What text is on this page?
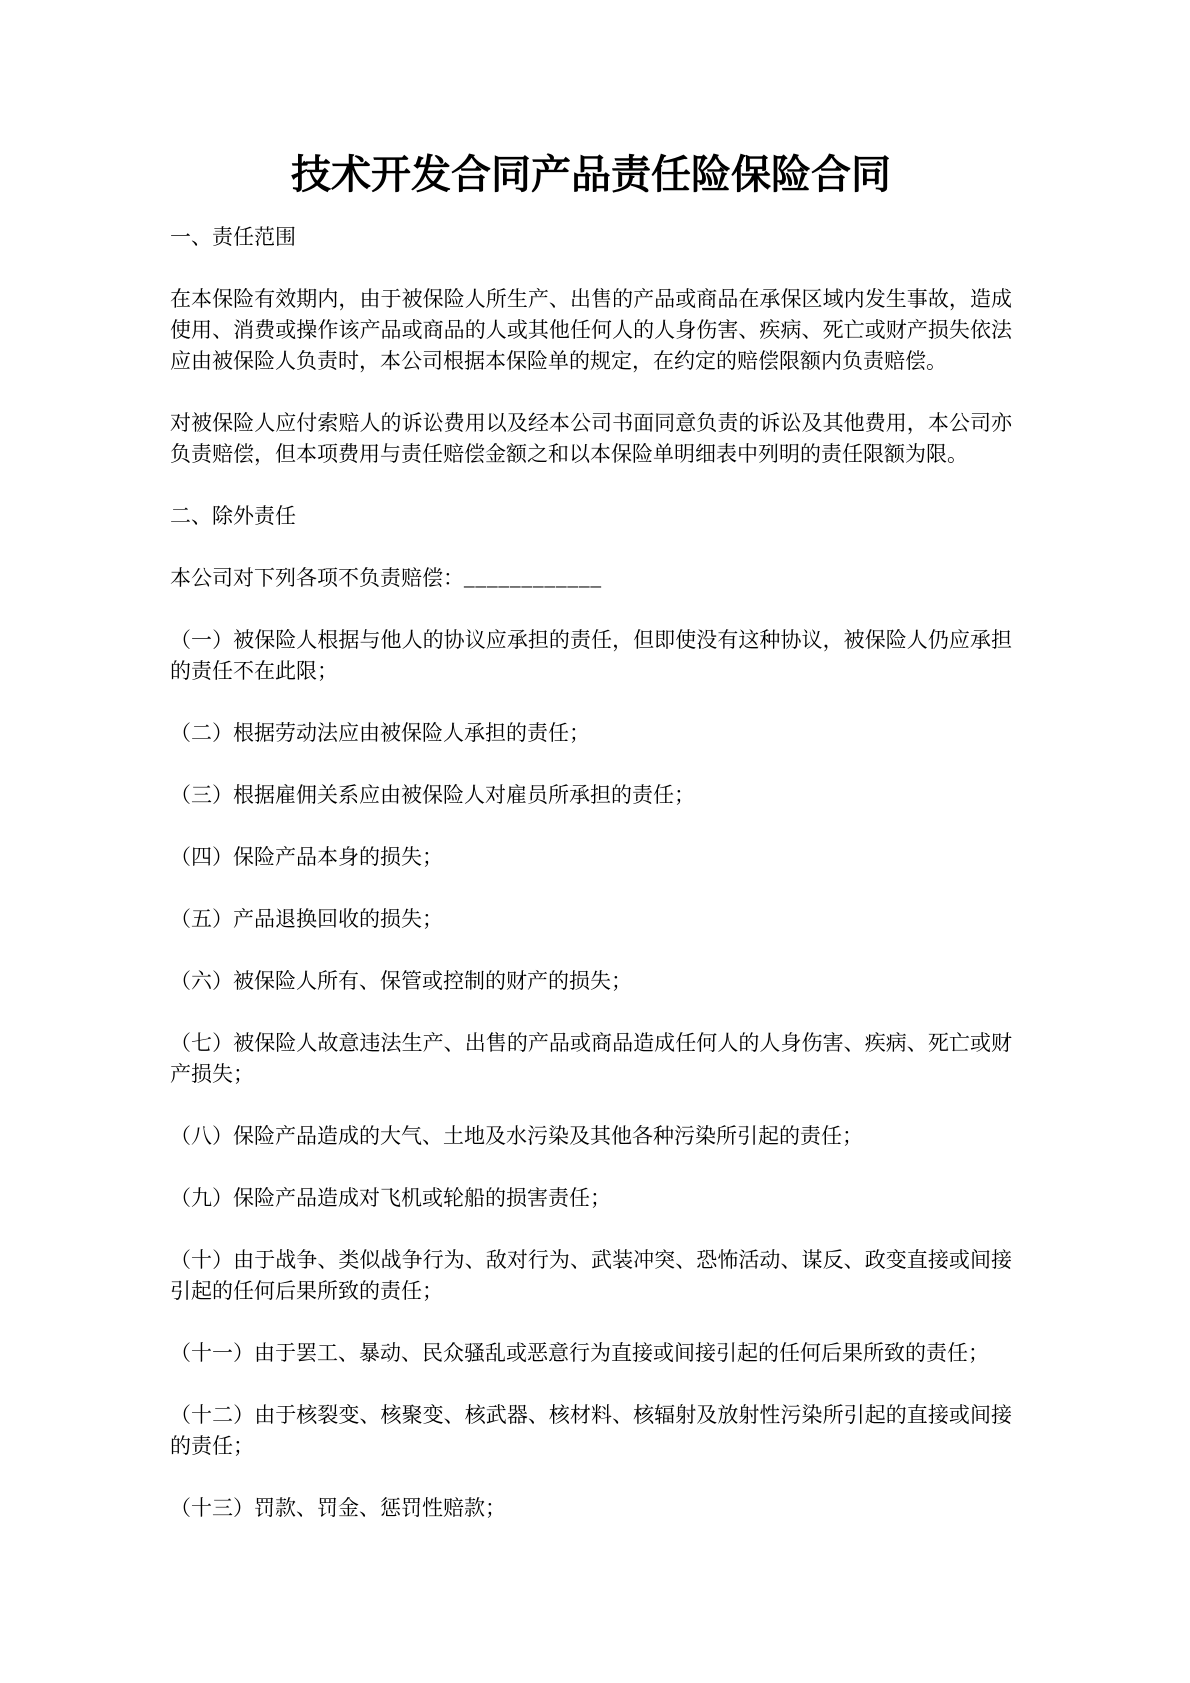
技术开发合同产品责任险保险合同

一、责任范围

在本保险有效期内，由于被保险人所生产、出售的产品或商品在承保区域内发生事故，造成使用、消费或操作该产品或商品的人或其他任何人的人身伤害、疾病、死亡或财产损失依法应由被保险人负责时，本公司根据本保险单的规定，在约定的赔偿限额内负责赔偿。

对被保险人应付索赔人的诉讼费用以及经本公司书面同意负责的诉讼及其他费用，本公司亦负责赔偿，但本项费用与责任赔偿金额之和以本保险单明细表中列明的责任限额为限。

二、除外责任

本公司对下列各项不负责赔偿：____________

（一）被保险人根据与他人的协议应承担的责任，但即使没有这种协议，被保险人仍应承担的责任不在此限；

（二）根据劳动法应由被保险人承担的责任；

（三）根据雇佣关系应由被保险人对雇员所承担的责任；

（四）保险产品本身的损失；

（五）产品退换回收的损失；

（六）被保险人所有、保管或控制的财产的损失；

（七）被保险人故意违法生产、出售的产品或商品造成任何人的人身伤害、疾病、死亡或财产损失；

（八）保险产品造成的大气、土地及水污染及其他各种污染所引起的责任；

（九）保险产品造成对飞机或轮船的损害责任；

（十）由于战争、类似战争行为、敌对行为、武装冲突、恐怖活动、谋反、政变直接或间接引起的任何后果所致的责任；

（十一）由于罢工、暴动、民众骚乱或恶意行为直接或间接引起的任何后果所致的责任；

（十二）由于核裂变、核聚变、核武器、核材料、核辐射及放射性污染所引起的直接或间接的责任；

（十三）罚款、罚金、惩罚性赔款；
